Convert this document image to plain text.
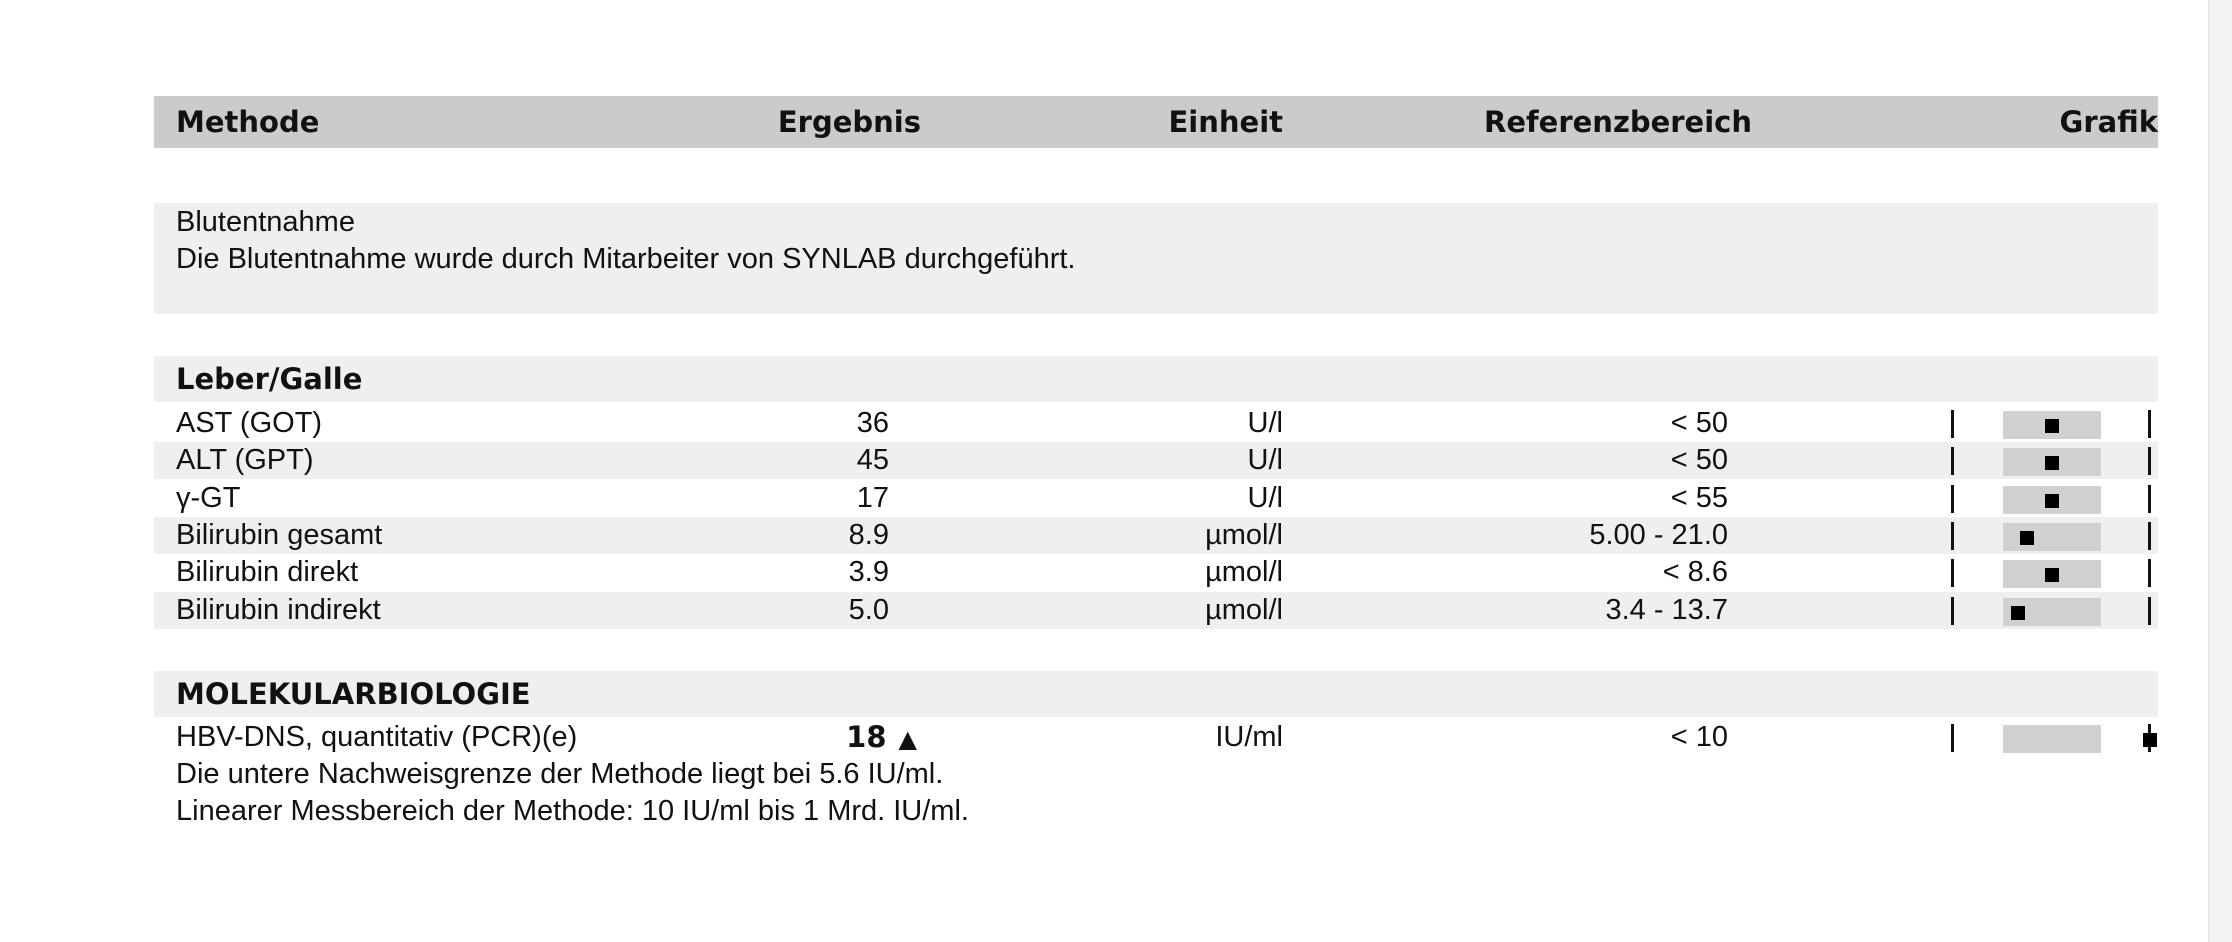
Methode	Ergebnis	Einheit	Referenzbereich	Grafik
Blutentnahme
Die Blutentnahme wurde durch Mitarbeiter von SYNLAB durchgeführt.
Leber/Galle
AST (GOT)	36	U/l	< 50
ALT (GPT)	45	U/l	< 50
γ-GT	17	U/l	< 55
Bilirubin gesamt	8.9	µmol/l	5.00 - 21.0
Bilirubin direkt	3.9	µmol/l	< 8.6
Bilirubin indirekt	5.0	µmol/l	3.4 - 13.7
MOLEKULARBIOLOGIE
HBV-DNS, quantitativ (PCR)(e)	18 ▲	IU/ml	< 10
Die untere Nachweisgrenze der Methode liegt bei 5.6 IU/ml.
Linearer Messbereich der Methode: 10 IU/ml bis 1 Mrd. IU/ml.
